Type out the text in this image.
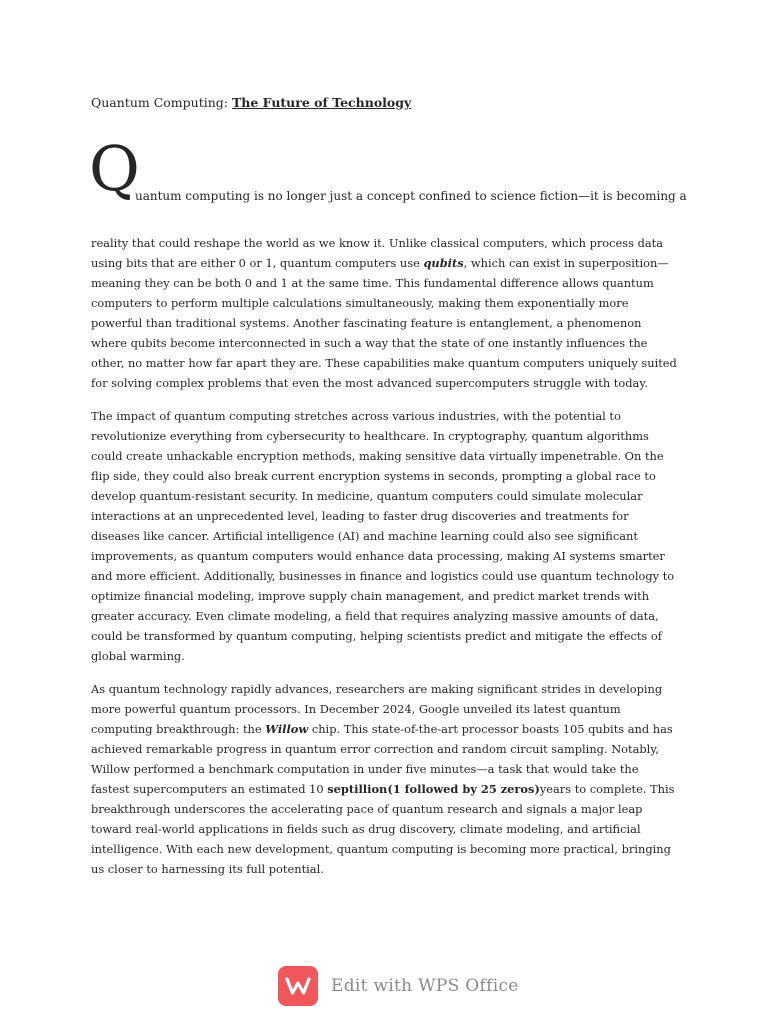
Quantum Computing: The Future of Technology

Q
uantum computing is no longer just a concept confined to science fiction—it is becoming a

reality that could reshape the world as we know it. Unlike classical computers, which process data using bits that are either 0 or 1, quantum computers use qubits, which can exist in superposition—meaning they can be both 0 and 1 at the same time. This fundamental difference allows quantum computers to perform multiple calculations simultaneously, making them exponentially more powerful than traditional systems. Another fascinating feature is entanglement, a phenomenon where qubits become interconnected in such a way that the state of one instantly influences the other, no matter how far apart they are. These capabilities make quantum computers uniquely suited for solving complex problems that even the most advanced supercomputers struggle with today.

The impact of quantum computing stretches across various industries, with the potential to revolutionize everything from cybersecurity to healthcare. In cryptography, quantum algorithms could create unhackable encryption methods, making sensitive data virtually impenetrable. On the flip side, they could also break current encryption systems in seconds, prompting a global race to develop quantum-resistant security. In medicine, quantum computers could simulate molecular interactions at an unprecedented level, leading to faster drug discoveries and treatments for diseases like cancer. Artificial intelligence (AI) and machine learning could also see significant improvements, as quantum computers would enhance data processing, making AI systems smarter and more efficient. Additionally, businesses in finance and logistics could use quantum technology to optimize financial modeling, improve supply chain management, and predict market trends with greater accuracy. Even climate modeling, a field that requires analyzing massive amounts of data, could be transformed by quantum computing, helping scientists predict and mitigate the effects of global warming.

As quantum technology rapidly advances, researchers are making significant strides in developing more powerful quantum processors. In December 2024, Google unveiled its latest quantum computing breakthrough: the Willow chip. This state-of-the-art processor boasts 105 qubits and has achieved remarkable progress in quantum error correction and random circuit sampling. Notably, Willow performed a benchmark computation in under five minutes—a task that would take the fastest supercomputers an estimated 10 septillion(1 followed by 25 zeros)years to complete. This breakthrough underscores the accelerating pace of quantum research and signals a major leap toward real-world applications in fields such as drug discovery, climate modeling, and artificial intelligence. With each new development, quantum computing is becoming more practical, bringing us closer to harnessing its full potential.

Edit with WPS Office
